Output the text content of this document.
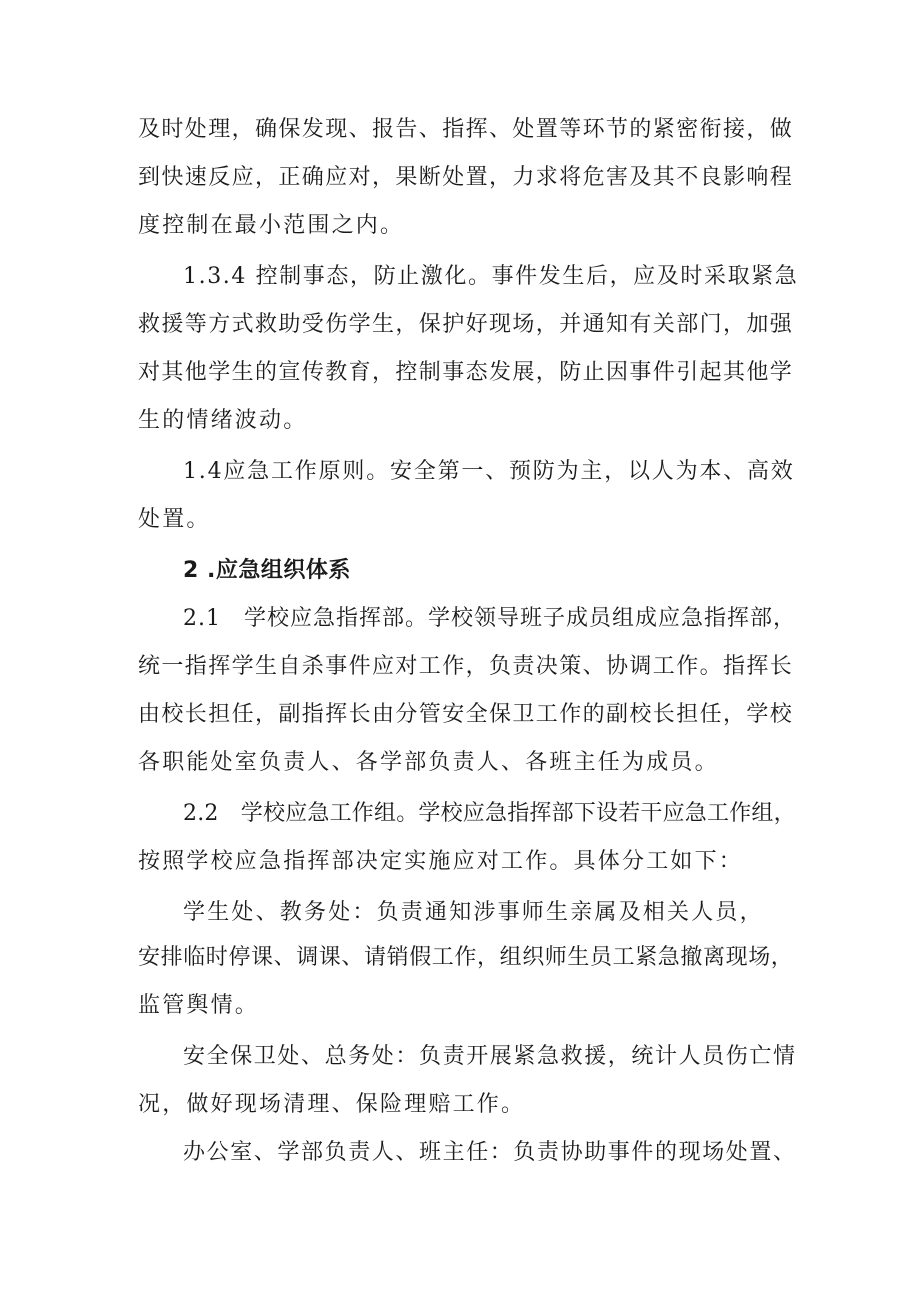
及时处理，确保发现、报告、指挥、处置等环节的紧密衔接，做
到快速反应，正确应对，果断处置，力求将危害及其不良影响程
度控制在最小范围之内。
1.3.4 控制事态，防止激化。事件发生后，应及时采取紧急
救援等方式救助受伤学生，保护好现场，并通知有关部门，加强
对其他学生的宣传教育，控制事态发展，防止因事件引起其他学
生的情绪波动。
1.4应急工作原则。安全第一、预防为主，以人为本、高效
处置。
2 .应急组织体系
2.1　学校应急指挥部。学校领导班子成员组成应急指挥部，
统一指挥学生自杀事件应对工作，负责决策、协调工作。指挥长
由校长担任，副指挥长由分管安全保卫工作的副校长担任，学校
各职能处室负责人、各学部负责人、各班主任为成员。
2.2　学校应急工作组。学校应急指挥部下设若干应急工作组，
按照学校应急指挥部决定实施应对工作。具体分工如下：
学生处、教务处：负责通知涉事师生亲属及相关人员，
安排临时停课、调课、请销假工作，组织师生员工紧急撤离现场，
监管舆情。
安全保卫处、总务处：负责开展紧急救援，统计人员伤亡情
况，做好现场清理、保险理赔工作。
办公室、学部负责人、班主任：负责协助事件的现场处置、
